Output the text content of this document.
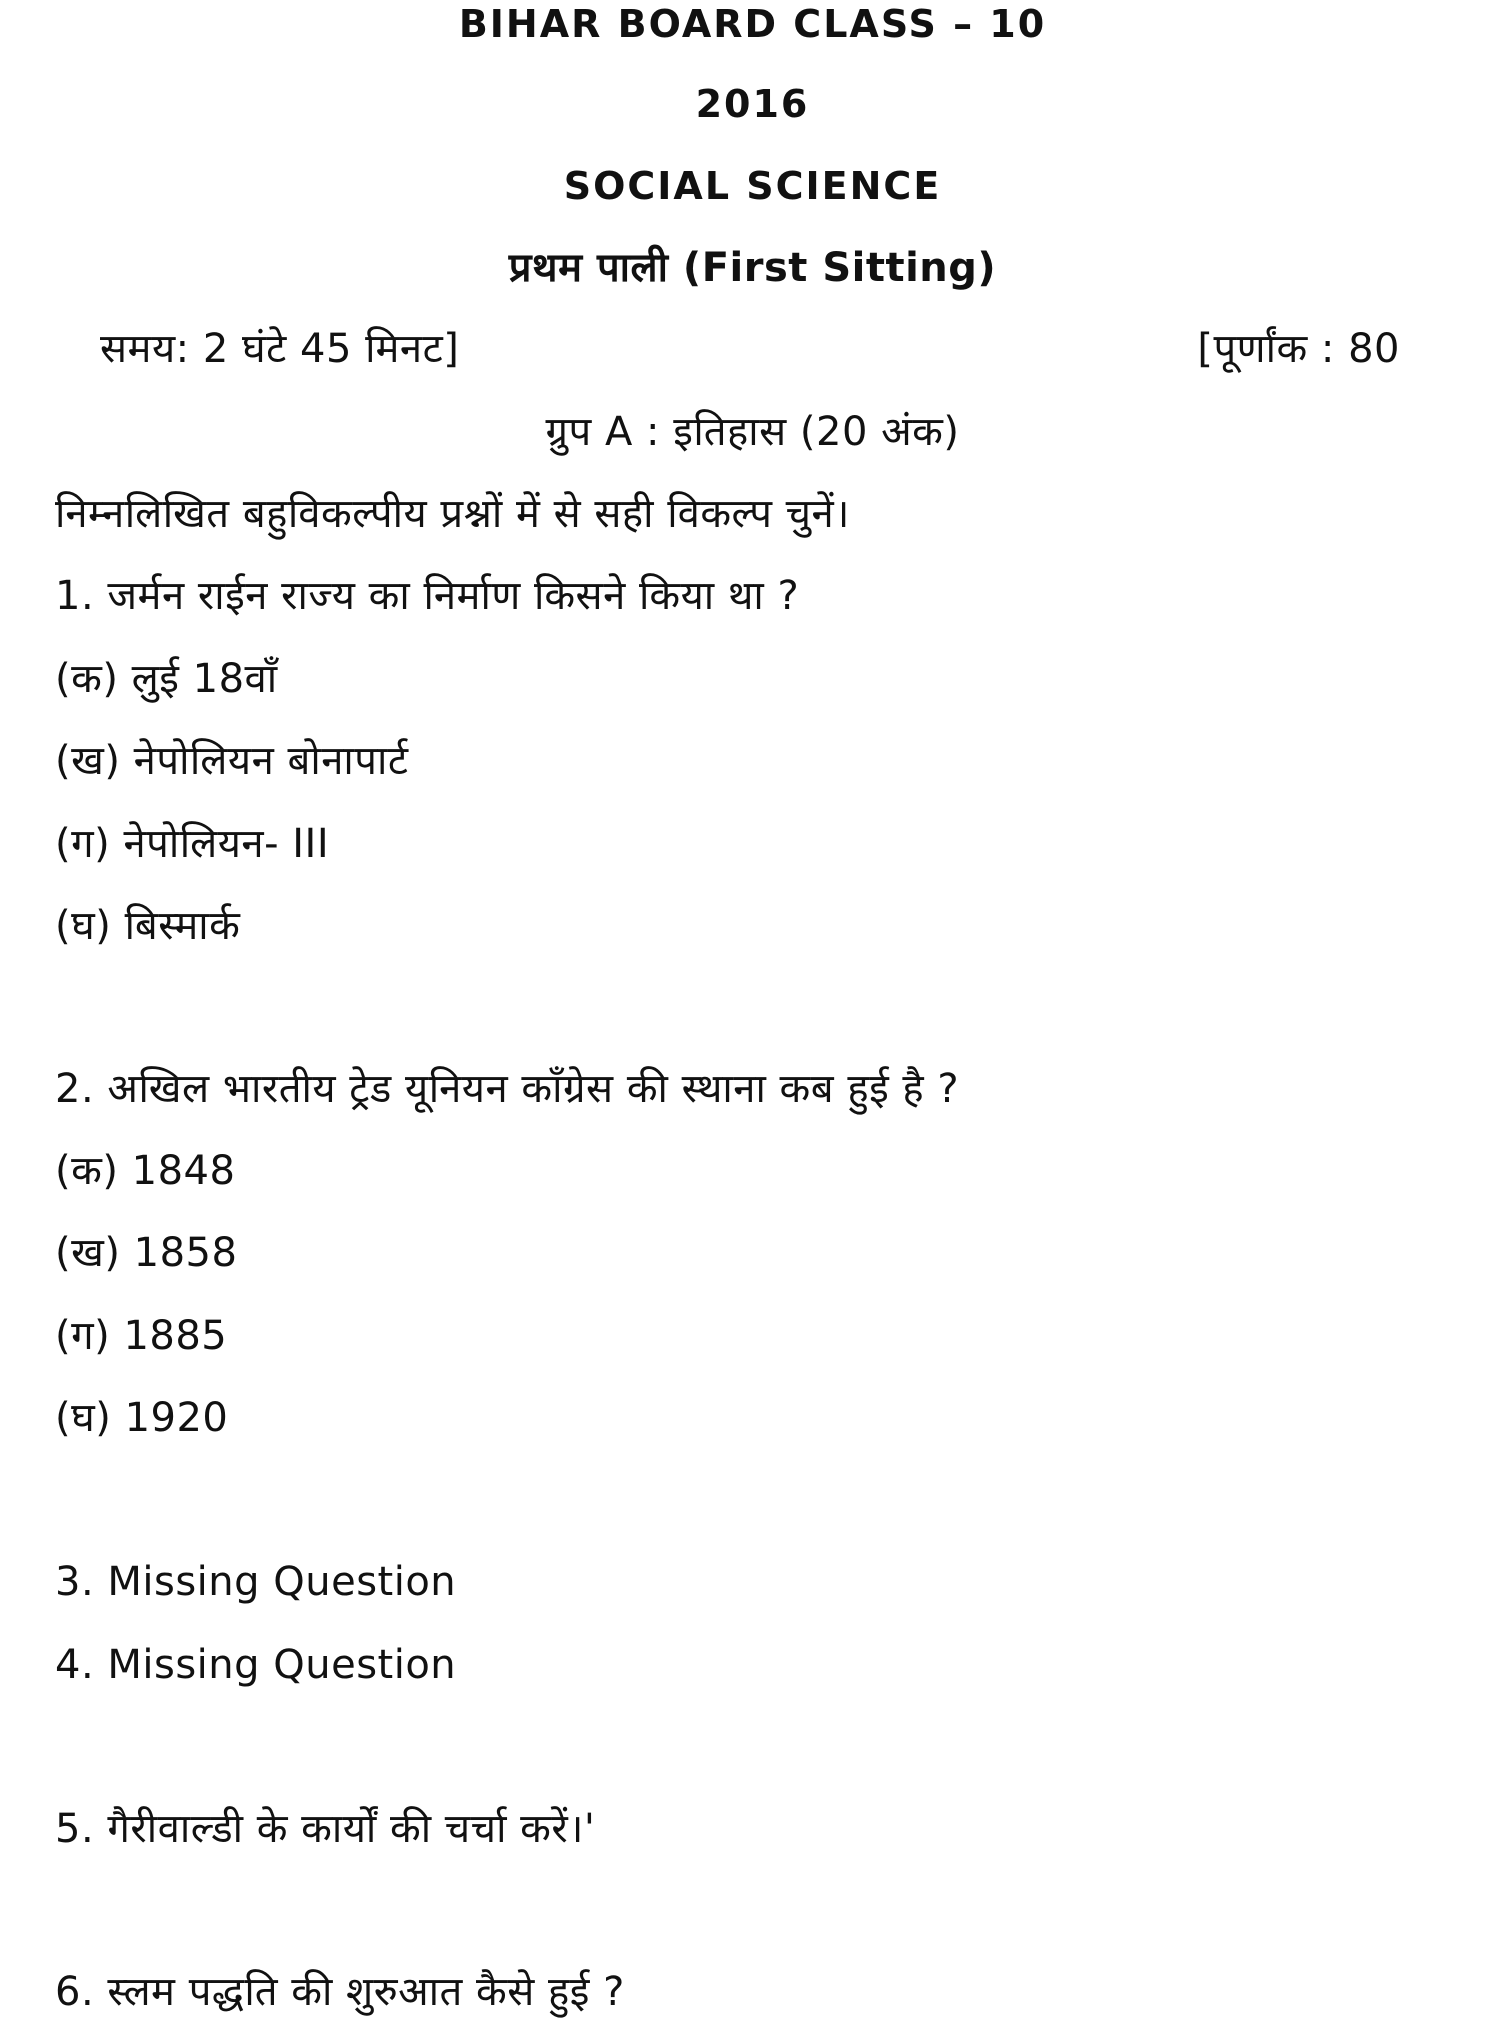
BIHAR BOARD CLASS – 10
2016
SOCIAL SCIENCE
प्रथम पाली (First Sitting)
समय: 2 घंटे 45 मिनट]	[पूर्णांक : 80
ग्रुप A : इतिहास (20 अंक)
निम्नलिखित बहुविकल्पीय प्रश्नों में से सही विकल्प चुनें।
1. जर्मन राईन राज्य का निर्माण किसने किया था ?
(क) लुई 18वाँ
(ख) नेपोलियन बोनापार्ट
(ग) नेपोलियन- III
(घ) बिस्मार्क
2. अखिल भारतीय ट्रेड यूनियन कॉंग्रेस की स्थाना कब हुई है ?
(क) 1848
(ख) 1858
(ग) 1885
(घ) 1920
3. Missing Question
4. Missing Question
5. गैरीवाल्डी के कार्यों की चर्चा करें।'
6. स्लम पद्धति की शुरुआत कैसे हुई ?
